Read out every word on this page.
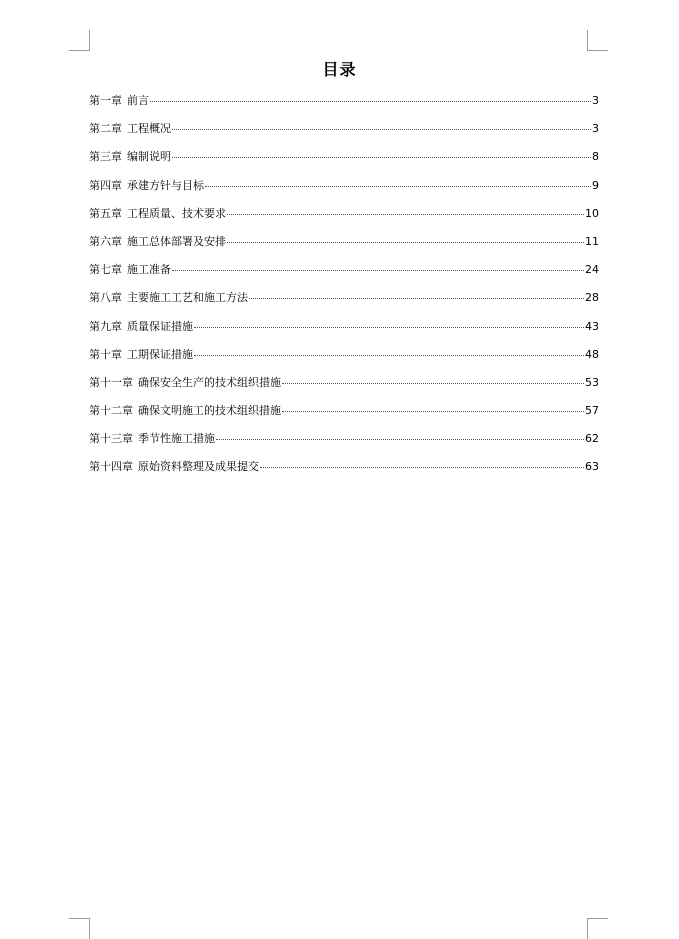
目录
第一章 前言	3
第二章 工程概况	3
第三章 编制说明	8
第四章 承建方针与目标	9
第五章 工程质量、技术要求	10
第六章 施工总体部署及安排	11
第七章 施工准备	24
第八章 主要施工工艺和施工方法	28
第九章 质量保证措施	43
第十章 工期保证措施	48
第十一章 确保安全生产的技术组织措施	53
第十二章 确保文明施工的技术组织措施	57
第十三章 季节性施工措施	62
第十四章 原始资料整理及成果提交	63
